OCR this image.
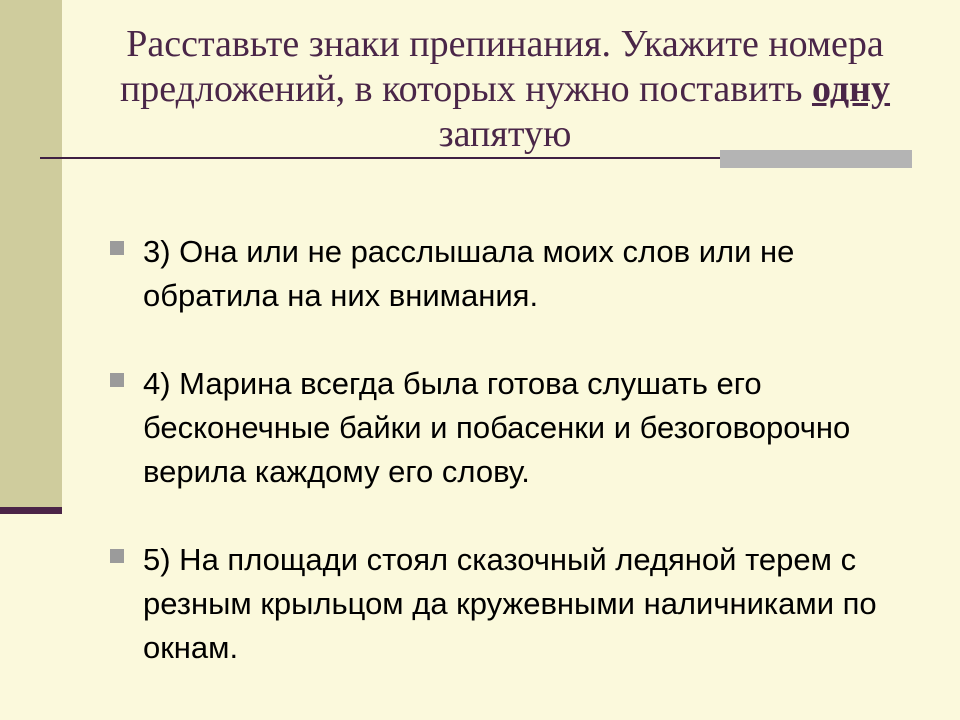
Расставьте знаки препинания. Укажите номера предложений, в которых нужно поставить одну запятую
3) Она или не расслышала моих слов или не обратила на них внимания.
4) Марина всегда была готова слушать его бесконечные байки и побасенки и безоговорочно верила каждому его слову.
5) На площади стоял сказочный ледяной терем с резным крыльцом да кружевными наличниками по окнам.
